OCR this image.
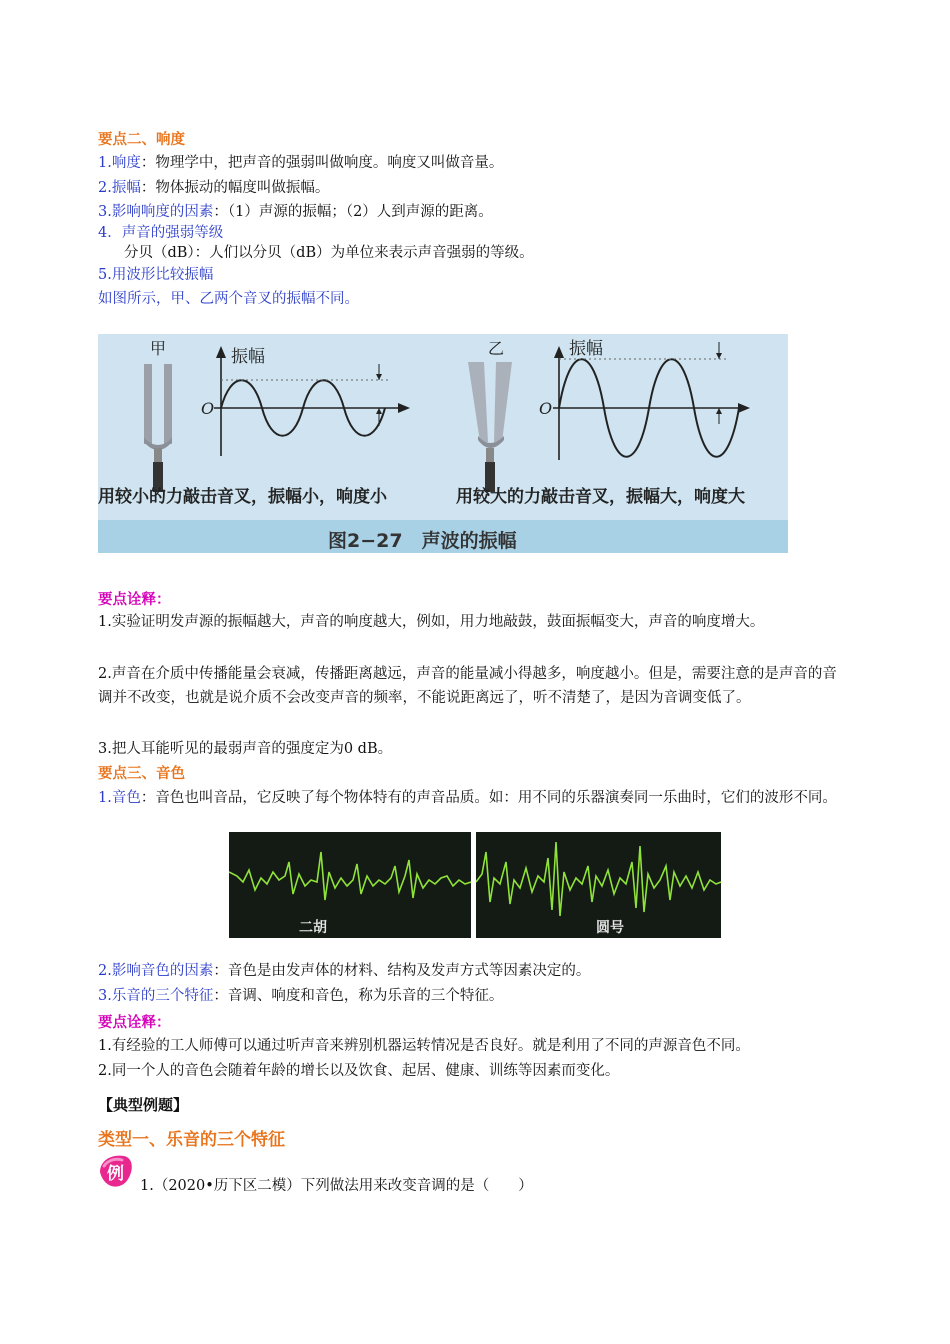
要点二、响度
1.响度：物理学中，把声音的强弱叫做响度。响度又叫做音量。
2.振幅：物体振动的幅度叫做振幅。
3.影响响度的因素：（1）声源的振幅；（2）人到声源的距离。
4．声音的强弱等级
分贝（dB）：人们以分贝（dB）为单位来表示声音强弱的等级。
5.用波形比较振幅
如图所示，甲、乙两个音叉的振幅不同。
甲	振幅
O
乙	振幅
O
用较小的力敲击音叉，振幅小，响度小	用较大的力敲击音叉，振幅大，响度大
图2−27　声波的振幅
要点诠释：
1.实验证明发声源的振幅越大，声音的响度越大，例如，用力地敲鼓，鼓面振幅变大，声音的响度增大。
2.声音在介质中传播能量会衰减，传播距离越远，声音的能量减小得越多，响度越小。但是，需要注意的是声音的音调并不改变，也就是说介质不会改变声音的频率，不能说距离远了，听不清楚了，是因为音调变低了。
3.把人耳能听见的最弱声音的强度定为0 dB。
要点三、音色
1.音色：音色也叫音品，它反映了每个物体特有的声音品质。如：用不同的乐器演奏同一乐曲时，它们的波形不同。
二胡	圆号
2.影响音色的因素：音色是由发声体的材料、结构及发声方式等因素决定的。
3.乐音的三个特征：音调、响度和音色，称为乐音的三个特征。
要点诠释：
1.有经验的工人师傅可以通过听声音来辨别机器运转情况是否良好。就是利用了不同的声源音色不同。
2.同一个人的音色会随着年龄的增长以及饮食、起居、健康、训练等因素而变化。
【典型例题】
类型一、乐音的三个特征
例
1.（2020•历下区二模）下列做法用来改变音调的是（　　）
